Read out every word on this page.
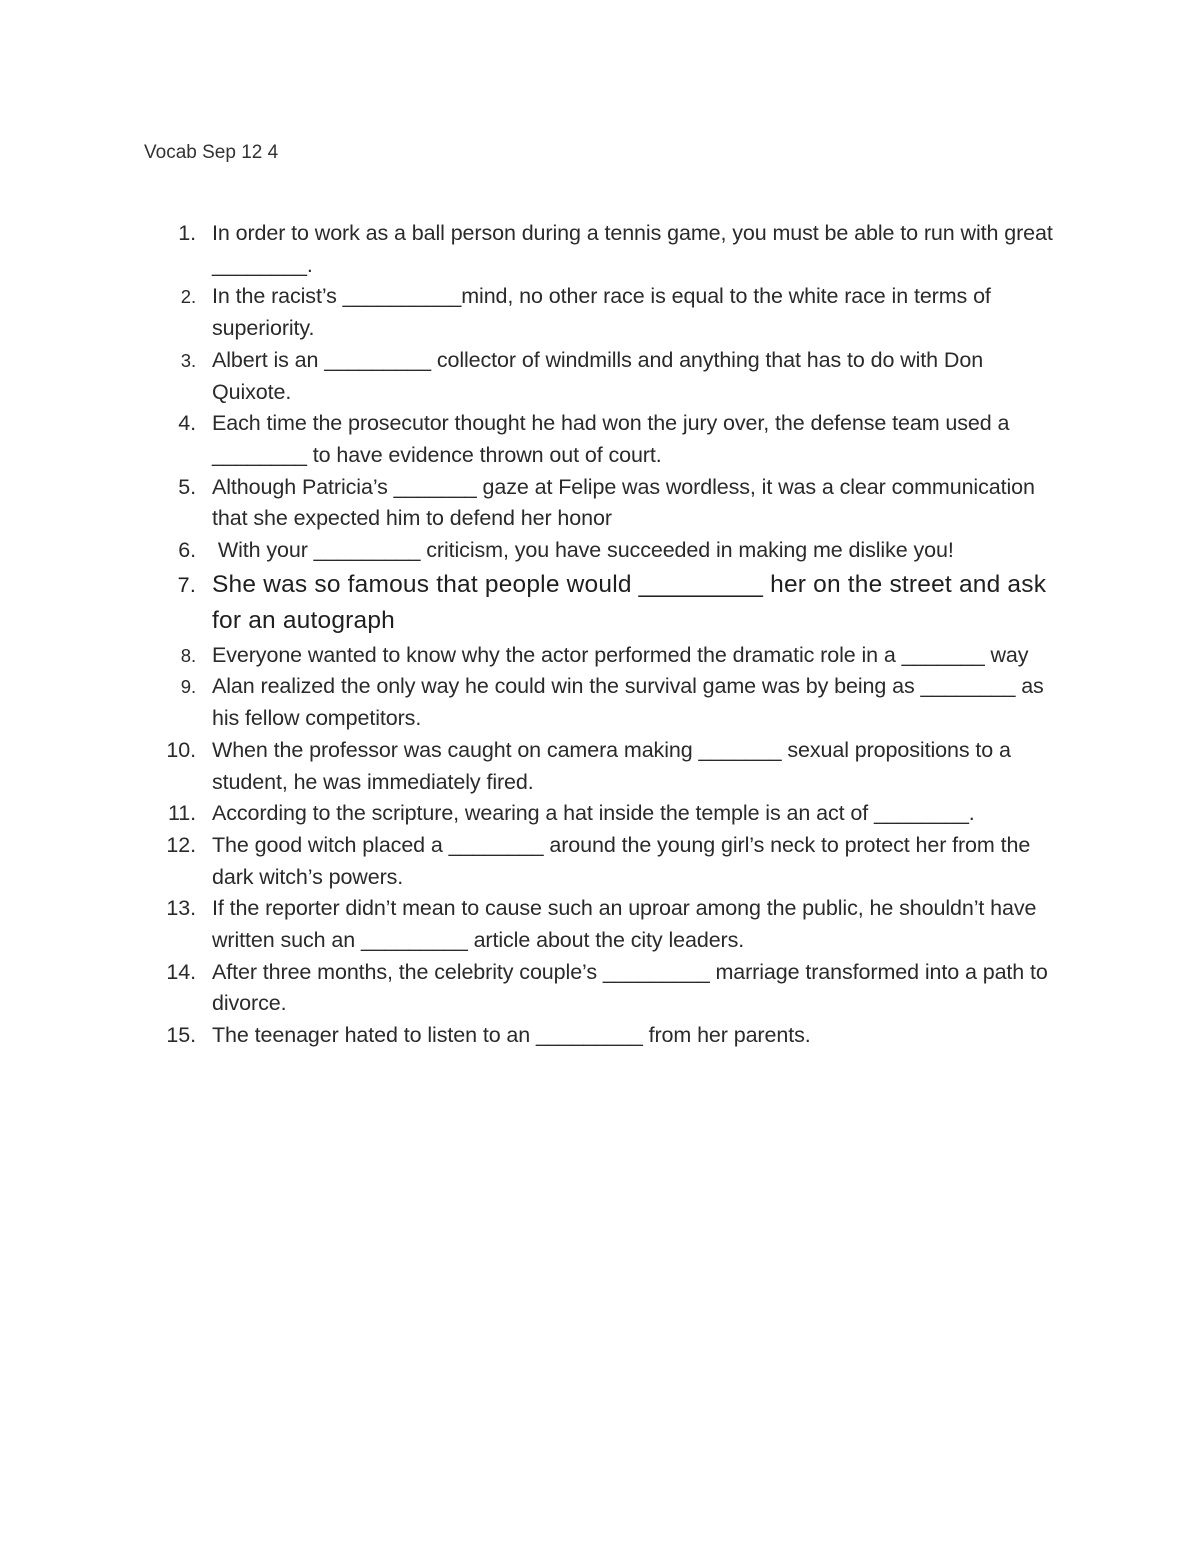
Vocab Sep 12 4
1. In order to work as a ball person during a tennis game, you must be able to run with great ________.
2. In the racist’s __________mind, no other race is equal to the white race in terms of superiority.
3. Albert is an _________ collector of windmills and anything that has to do with Don Quixote.
4. Each time the prosecutor thought he had won the jury over, the defense team used a ________ to have evidence thrown out of court.
5. Although Patricia’s _______ gaze at Felipe was wordless, it was a clear communication that she expected him to defend her honor
6. With your _________ criticism, you have succeeded in making me dislike you!
7. She was so famous that people would _________ her on the street and ask for an autograph
8. Everyone wanted to know why the actor performed the dramatic role in a _______ way
9. Alan realized the only way he could win the survival game was by being as ________ as his fellow competitors.
10. When the professor was caught on camera making _______ sexual propositions to a student, he was immediately fired.
11. According to the scripture, wearing a hat inside the temple is an act of ________.
12. The good witch placed a ________ around the young girl’s neck to protect her from the dark witch’s powers.
13. If the reporter didn’t mean to cause such an uproar among the public, he shouldn’t have written such an _________ article about the city leaders.
14. After three months, the celebrity couple’s _________ marriage transformed into a path to divorce.
15. The teenager hated to listen to an _________ from her parents.
